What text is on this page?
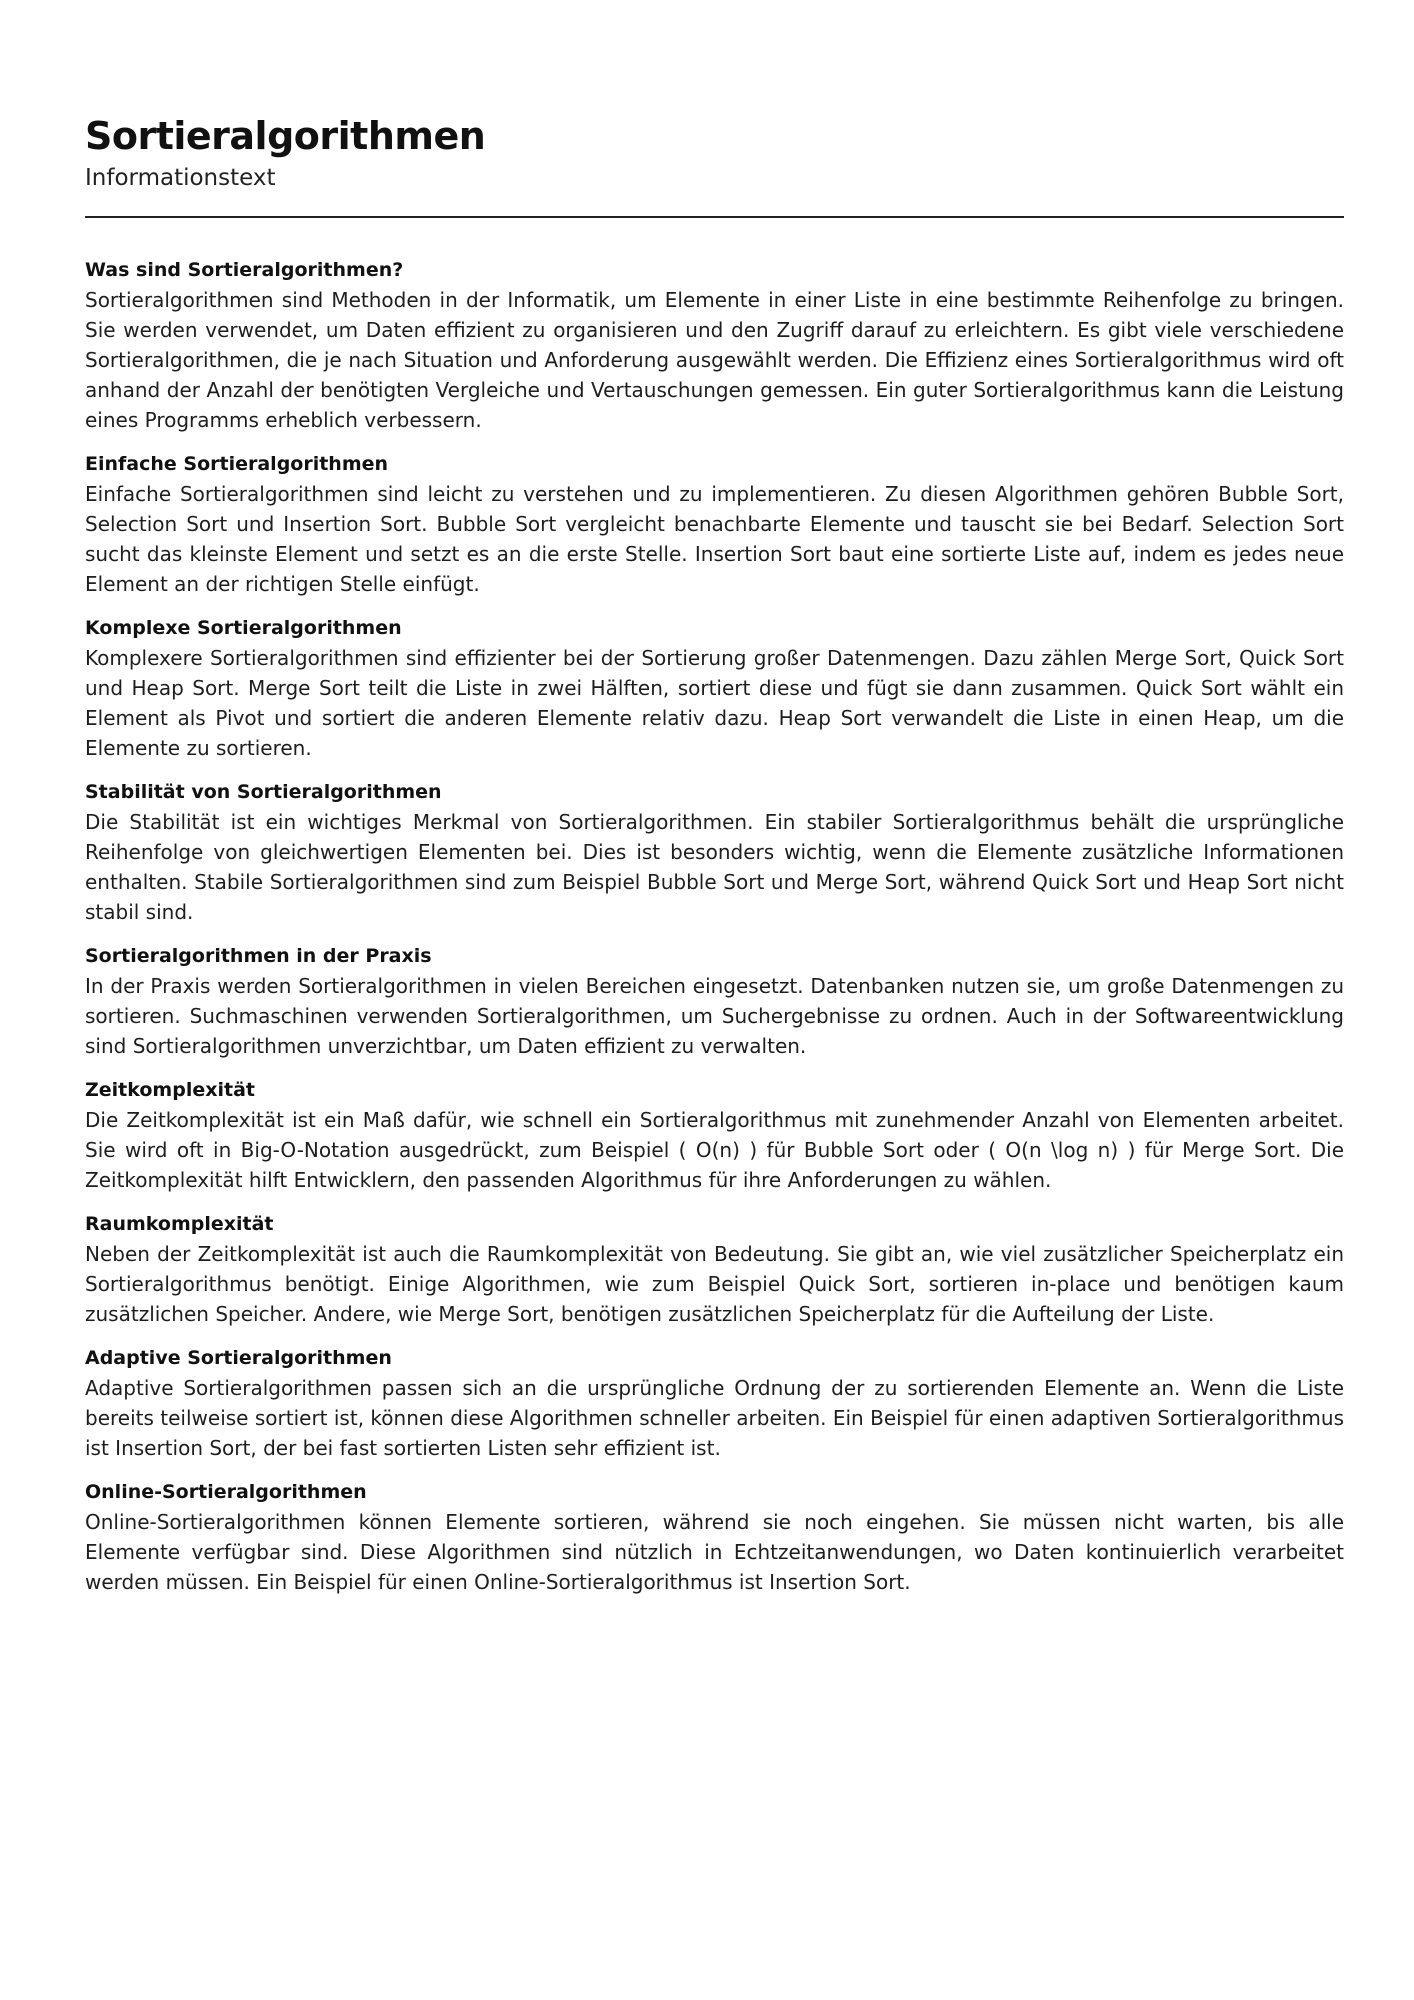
Sortieralgorithmen
Informationstext
Was sind Sortieralgorithmen?

Sortieralgorithmen sind Methoden in der Informatik, um Elemente in einer Liste in eine bestimmte Reihenfolge zu bringen. Sie werden verwendet, um Daten effizient zu organisieren und den Zugriff darauf zu erleichtern. Es gibt viele verschiedene Sortieralgorithmen, die je nach Situation und Anforderung ausgewählt werden. Die Effizienz eines Sortieralgorithmus wird oft anhand der Anzahl der benötigten Vergleiche und Vertauschungen gemessen. Ein guter Sortieralgorithmus kann die Leistung eines Programms erheblich verbessern.

Einfache Sortieralgorithmen

Einfache Sortieralgorithmen sind leicht zu verstehen und zu implementieren. Zu diesen Algorithmen gehören Bubble Sort, Selection Sort und Insertion Sort. Bubble Sort vergleicht benachbarte Elemente und tauscht sie bei Bedarf. Selection Sort sucht das kleinste Element und setzt es an die erste Stelle. Insertion Sort baut eine sortierte Liste auf, indem es jedes neue Element an der richtigen Stelle einfügt.

Komplexe Sortieralgorithmen

Komplexere Sortieralgorithmen sind effizienter bei der Sortierung großer Datenmengen. Dazu zählen Merge Sort, Quick Sort und Heap Sort. Merge Sort teilt die Liste in zwei Hälften, sortiert diese und fügt sie dann zusammen. Quick Sort wählt ein Element als Pivot und sortiert die anderen Elemente relativ dazu. Heap Sort verwandelt die Liste in einen Heap, um die Elemente zu sortieren.

Stabilität von Sortieralgorithmen

Die Stabilität ist ein wichtiges Merkmal von Sortieralgorithmen. Ein stabiler Sortieralgorithmus behält die ursprüngliche Reihenfolge von gleichwertigen Elementen bei. Dies ist besonders wichtig, wenn die Elemente zusätzliche Informationen enthalten. Stabile Sortieralgorithmen sind zum Beispiel Bubble Sort und Merge Sort, während Quick Sort und Heap Sort nicht stabil sind.

Sortieralgorithmen in der Praxis

In der Praxis werden Sortieralgorithmen in vielen Bereichen eingesetzt. Datenbanken nutzen sie, um große Datenmengen zu sortieren. Suchmaschinen verwenden Sortieralgorithmen, um Suchergebnisse zu ordnen. Auch in der Softwareentwicklung sind Sortieralgorithmen unverzichtbar, um Daten effizient zu verwalten.

Zeitkomplexität

Die Zeitkomplexität ist ein Maß dafür, wie schnell ein Sortieralgorithmus mit zunehmender Anzahl von Elementen arbeitet. Sie wird oft in Big-O-Notation ausgedrückt, zum Beispiel ( O(n) ) für Bubble Sort oder ( O(n \log n) ) für Merge Sort. Die Zeitkomplexität hilft Entwicklern, den passenden Algorithmus für ihre Anforderungen zu wählen.

Raumkomplexität

Neben der Zeitkomplexität ist auch die Raumkomplexität von Bedeutung. Sie gibt an, wie viel zusätzlicher Speicherplatz ein Sortieralgorithmus benötigt. Einige Algorithmen, wie zum Beispiel Quick Sort, sortieren in-place und benötigen kaum zusätzlichen Speicher. Andere, wie Merge Sort, benötigen zusätzlichen Speicherplatz für die Aufteilung der Liste.

Adaptive Sortieralgorithmen

Adaptive Sortieralgorithmen passen sich an die ursprüngliche Ordnung der zu sortierenden Elemente an. Wenn die Liste bereits teilweise sortiert ist, können diese Algorithmen schneller arbeiten. Ein Beispiel für einen adaptiven Sortieralgorithmus ist Insertion Sort, der bei fast sortierten Listen sehr effizient ist.

Online-Sortieralgorithmen

Online-Sortieralgorithmen können Elemente sortieren, während sie noch eingehen. Sie müssen nicht warten, bis alle Elemente verfügbar sind. Diese Algorithmen sind nützlich in Echtzeitanwendungen, wo Daten kontinuierlich verarbeitet werden müssen. Ein Beispiel für einen Online-Sortieralgorithmus ist Insertion Sort.
